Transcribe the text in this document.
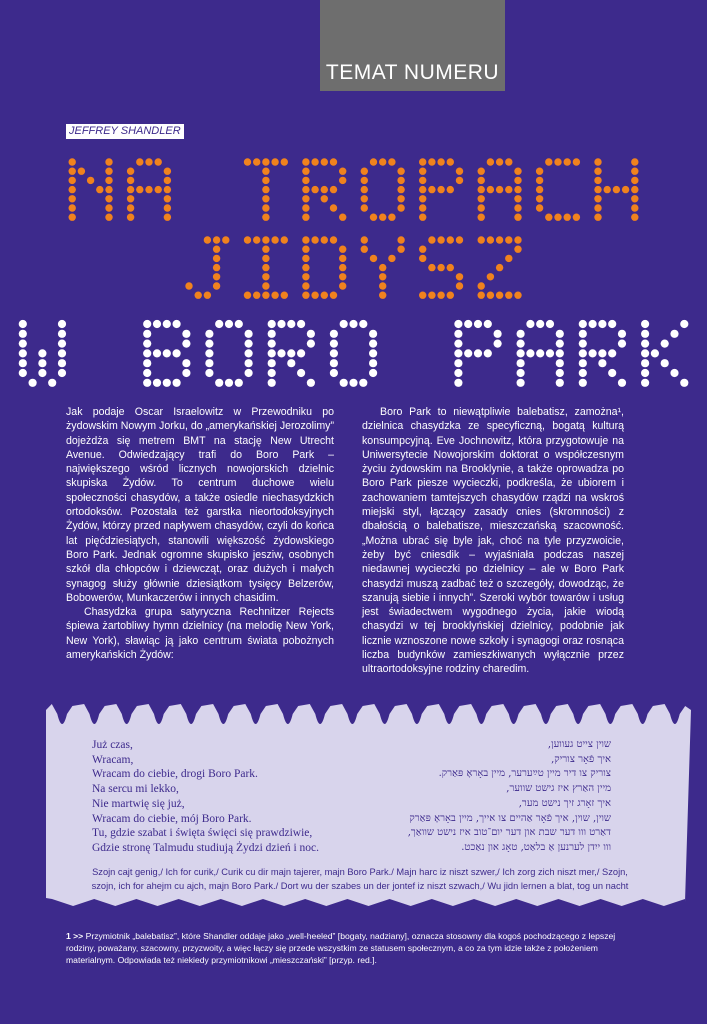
TEMAT NUMERU
JEFFREY SHANDLER

Jak podaje Oscar Israelowitz w Przewodniku po żydowskim Nowym Jorku, do „amerykańskiej Jerozolimy” dojeżdża się metrem BMT na stację New Utrecht Avenue. Odwiedzający trafi do Boro Park – największego wśród licznych nowojorskich dzielnic skupiska Żydów. To centrum duchowe wielu społeczności chasydów, a także osiedle niechasydzkich ortodoksów. Pozostała też garstka nieortodoksyjnych Żydów, którzy przed napływem chasydów, czyli do końca lat pięćdziesiątych, stanowili większość żydowskiego Boro Park. Jednak ogromne skupisko jesziw, osobnych szkół dla chłopców i dziewcząt, oraz dużych i małych synagog służy głównie dziesiątkom tysięcy Belzerów, Bobowerów, Munkaczerów i innych chasidim.

Chasydzka grupa satyryczna Rechnitzer Rejects śpiewa żartobliwy hymn dzielnicy (na melodię New York, New York), sławiąc ją jako centrum świata pobożnych amerykańskich Żydów:

Boro Park to niewątpliwie balebatisz, zamożna¹, dzielnica chasydzka ze specyficzną, bogatą kulturą konsumpcyjną. Eve Jochnowitz, która przygotowuje na Uniwersytecie Nowojorskim doktorat o współczesnym życiu żydowskim na Brooklynie, a także oprowadza po Boro Park piesze wycieczki, podkreśla, że ubiorem i zachowaniem tamtejszych chasydów rządzi na wskroś miejski styl, łączący zasady cnies (skromności) z dbałością o balebatisze, mieszczańską szacowność. „Można ubrać się byle jak, choć na tyle przyzwoicie, żeby być cniesdik – wyjaśniała podczas naszej niedawnej wycieczki po dzielnicy – ale w Boro Park chasydzi muszą zadbać też o szczegóły, dowodząc, że szanują siebie i innych”. Szeroki wybór towarów i usług jest świadectwem wygodnego życia, jakie wiodą chasydzi w tej brooklyńskiej dzielnicy, podobnie jak licznie wznoszone nowe szkoły i synagogi oraz rosnąca liczba budynków zamieszkiwanych wyłącznie przez ultraortodoksyjne rodziny charedim.

Już czas,
Wracam,
Wracam do ciebie, drogi Boro Park.
Na sercu mi lekko,
Nie martwię się już,
Wracam do ciebie, mój Boro Park.
Tu, gdzie szabat i święta święci się prawdziwie,
Gdzie stronę Talmudu studiują Żydzi dzień i noc.
שוין צייט געווען,
איך פֿאָר צוריק,
צוריק צו דיר מיין טײַערער, מיין באָראָ פּאַרק.
מיין האַרץ איז גישט שווער,
איך זאָרג זיך נישט מער,
שוין, שוין, איך פֿאָר אַהיים צו אייך, מיין באָראָ פּאַרק
דאַרט ווו דער שבת און דער יום־טוב איז נישט שוואַך,
ווו ייִדן לערנען אַ בלאַט, טאָג און נאַכט.
Szojn cajt genig,/ Ich for curik,/ Curik cu dir majn tajerer, majn Boro Park./ Majn harc iz niszt szwer,/ Ich zorg zich niszt mer,/ Szojn, szojn, ich for ahejm cu ajch, majn Boro Park./ Dort wu der szabes un der jontef iz niszt szwach,/ Wu jidn lernen a blat, tog un nacht
1 >> Przymiotnik „balebatisz”, które Shandler oddaje jako „well-heeled” [bogaty, nadziany], oznacza stosowny dla kogoś pochodzącego z lepszej rodziny, poważany, szacowny, przyzwoity, a więc łączy się przede wszystkim ze statusem społecznym, a co za tym idzie także z położeniem materialnym. Odpowiada też niekiedy przymiotnikowi „mieszczański” [przyp. red.].
